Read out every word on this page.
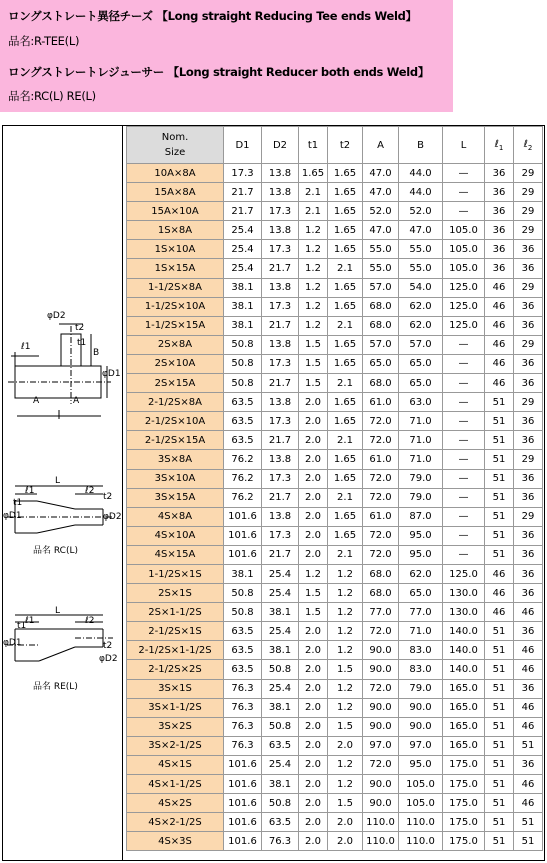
ロングストレート異径チーズ 【Long straight Reducing Tee ends Weld】
品名:R-TEE(L)
ロングストレートレジューサー 【Long straight Reducer both ends Weld】
品名:RC(L) RE(L)
φD2
t2
t1
ℓ1
B
φD1
A	A
L
ℓ1	ℓ2
t1
t2
φD1	φD2
品名 RC(L)
L
ℓ1	ℓ2
t1
t2
φD1
φD2
品名 RE(L)
Nom.
Size	D1	D2	t1	t2	A	B	L	ℓ$_1$	ℓ$_2$
10A×8A	17.3	13.8	1.65	1.65	47.0	44.0	—	36	29
15A×8A	21.7	13.8	2.1	1.65	47.0	44.0	—	36	29
15A×10A	21.7	17.3	2.1	1.65	52.0	52.0	—	36	29
1S×8A	25.4	13.8	1.2	1.65	47.0	47.0	105.0	36	29
1S×10A	25.4	17.3	1.2	1.65	55.0	55.0	105.0	36	36
1S×15A	25.4	21.7	1.2	2.1	55.0	55.0	105.0	36	36
1-1/2S×8A	38.1	13.8	1.2	1.65	57.0	54.0	125.0	46	29
1-1/2S×10A	38.1	17.3	1.2	1.65	68.0	62.0	125.0	46	36
1-1/2S×15A	38.1	21.7	1.2	2.1	68.0	62.0	125.0	46	36
2S×8A	50.8	13.8	1.5	1.65	57.0	57.0	—	46	29
2S×10A	50.8	17.3	1.5	1.65	65.0	65.0	—	46	36
2S×15A	50.8	21.7	1.5	2.1	68.0	65.0	—	46	36
2-1/2S×8A	63.5	13.8	2.0	1.65	61.0	63.0	—	51	29
2-1/2S×10A	63.5	17.3	2.0	1.65	72.0	71.0	—	51	36
2-1/2S×15A	63.5	21.7	2.0	2.1	72.0	71.0	—	51	36
3S×8A	76.2	13.8	2.0	1.65	61.0	71.0	—	51	29
3S×10A	76.2	17.3	2.0	1.65	72.0	79.0	—	51	36
3S×15A	76.2	21.7	2.0	2.1	72.0	79.0	—	51	36
4S×8A	101.6	13.8	2.0	1.65	61.0	87.0	—	51	29
4S×10A	101.6	17.3	2.0	1.65	72.0	95.0	—	51	36
4S×15A	101.6	21.7	2.0	2.1	72.0	95.0	—	51	36
1-1/2S×1S	38.1	25.4	1.2	1.2	68.0	62.0	125.0	46	36
2S×1S	50.8	25.4	1.5	1.2	68.0	65.0	130.0	46	36
2S×1-1/2S	50.8	38.1	1.5	1.2	77.0	77.0	130.0	46	46
2-1/2S×1S	63.5	25.4	2.0	1.2	72.0	71.0	140.0	51	36
2-1/2S×1-1/2S	63.5	38.1	2.0	1.2	90.0	83.0	140.0	51	46
2-1/2S×2S	63.5	50.8	2.0	1.5	90.0	83.0	140.0	51	46
3S×1S	76.3	25.4	2.0	1.2	72.0	79.0	165.0	51	36
3S×1-1/2S	76.3	38.1	2.0	1.2	90.0	90.0	165.0	51	46
3S×2S	76.3	50.8	2.0	1.5	90.0	90.0	165.0	51	46
3S×2-1/2S	76.3	63.5	2.0	2.0	97.0	97.0	165.0	51	51
4S×1S	101.6	25.4	2.0	1.2	72.0	95.0	175.0	51	36
4S×1-1/2S	101.6	38.1	2.0	1.2	90.0	105.0	175.0	51	46
4S×2S	101.6	50.8	2.0	1.5	90.0	105.0	175.0	51	46
4S×2-1/2S	101.6	63.5	2.0	2.0	110.0	110.0	175.0	51	51
4S×3S	101.6	76.3	2.0	2.0	110.0	110.0	175.0	51	51
